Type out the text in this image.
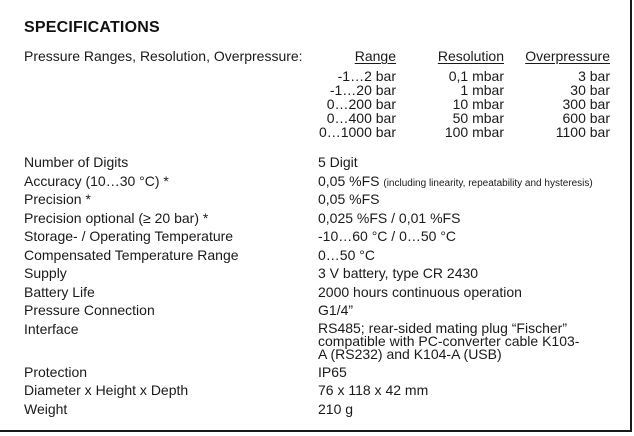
SPECIFICATIONS
Pressure Ranges, Resolution, Overpressure:	Range	Resolution	Overpressure
-1…2 bar	0,1 mbar	3 bar
-1…20 bar	1 mbar	30 bar
0…200 bar	10 mbar	300 bar
0…400 bar	50 mbar	600 bar
0…1000 bar	100 mbar	1100 bar
Number of Digits	5 Digit
Accuracy (10…30 °C) *	0,05 %FS (including linearity, repeatability and hysteresis)
Precision *	0,05 %FS
Precision optional (≥ 20 bar) *	0,025 %FS / 0,01 %FS
Storage- / Operating Temperature	-10…60 °C / 0…50 °C
Compensated Temperature Range	0…50 °C
Supply	3 V battery, type CR 2430
Battery Life	2000 hours continuous operation
Pressure Connection	G1/4”
Interface	RS485; rear-sided mating plug “Fischer” compatible with PC-converter cable K103-A (RS232) and K104-A (USB)
Protection	IP65
Diameter x Height x Depth	76 x 118 x 42 mm
Weight	210 g
